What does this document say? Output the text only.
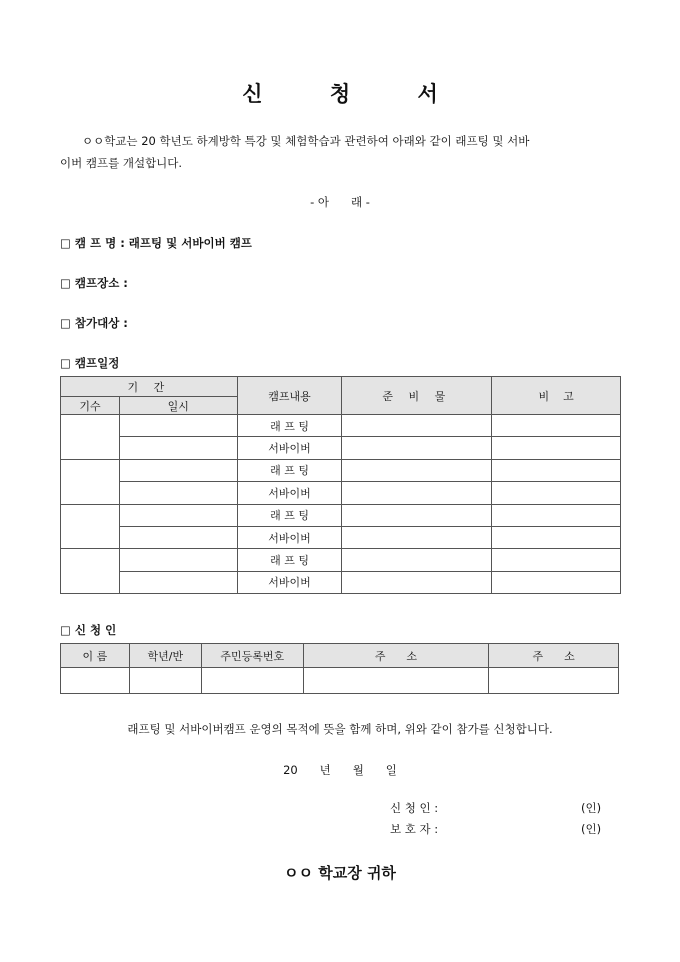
신 청 서
ㅇㅇ학교는 20 학년도 하계방학 특강 및 체험학습과 관련하여 아래와 같이 래프팅 및 서바
이버 캠프를 개설합니다.
- 아      래 -
□ 캠 프 명 : 래프팅 및 서바이버 캠프
□ 캠프장소 :
□ 참가대상 :
□ 캠프일정
기 간		캠프내용	준 비 물	비    고
기수	일시			
		래 프 팅		
		서바이버		
		래 프 팅		
		서바이버		
		래 프 팅		
		서바이버		
		래 프 팅		
		서바이버		
□ 신 청 인
이 름	학년/반	주민등록번호	주      소	주      소

래프팅 및 서바이버캠프 운영의 목적에 뜻을 함께 하며, 위와 같이 참가를 신청합니다.
20      년      월      일
신 청 인 :	(인)
보 호 자 :	(인)
ㅇㅇ 학교장 귀하
